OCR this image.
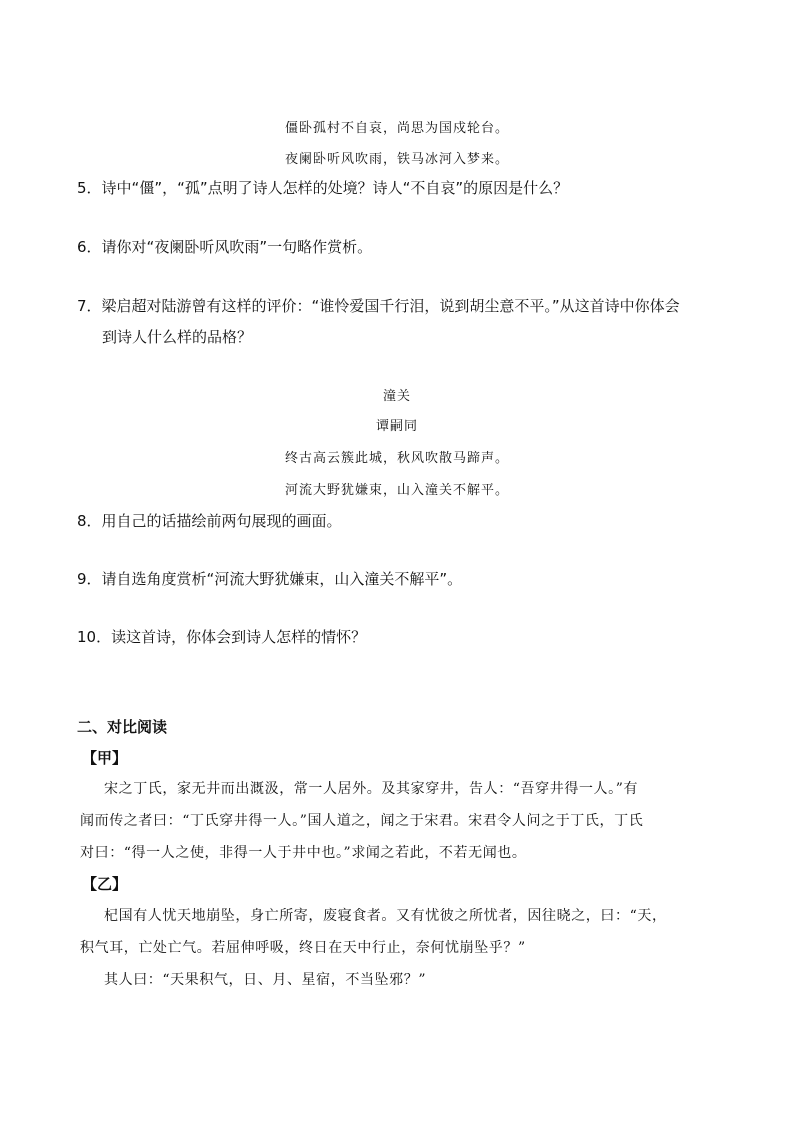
僵卧孤村不自哀，尚思为国戍轮台。
夜阑卧听风吹雨，铁马冰河入梦来。
5．诗中“僵”，“孤”点明了诗人怎样的处境？诗人“不自哀”的原因是什么？
6．请你对“夜阑卧听风吹雨”一句略作赏析。
7．梁启超对陆游曾有这样的评价：“谁怜爱国千行泪，说到胡尘意不平。”从这首诗中你体会
到诗人什么样的品格？
潼关
谭嗣同
终古高云簇此城，秋风吹散马蹄声。
河流大野犹嫌束，山入潼关不解平。
8．用自己的话描绘前两句展现的画面。
9．请自选角度赏析“河流大野犹嫌束，山入潼关不解平”。
10．读这首诗，你体会到诗人怎样的情怀？
二、对比阅读
【甲】
宋之丁氏，家无井而出溉汲，常一人居外。及其家穿井，告人：“吾穿井得一人。”有
闻而传之者曰：“丁氏穿井得一人。”国人道之，闻之于宋君。宋君令人问之于丁氏，丁氏
对曰：“得一人之使，非得一人于井中也。”求闻之若此，不若无闻也。
【乙】
杞国有人忧天地崩坠，身亡所寄，废寝食者。又有忧彼之所忧者，因往晓之，曰：“天，
积气耳，亡处亡气。若屈伸呼吸，终日在天中行止，奈何忧崩坠乎？”
其人曰：“天果积气，日、月、星宿，不当坠邪？”
